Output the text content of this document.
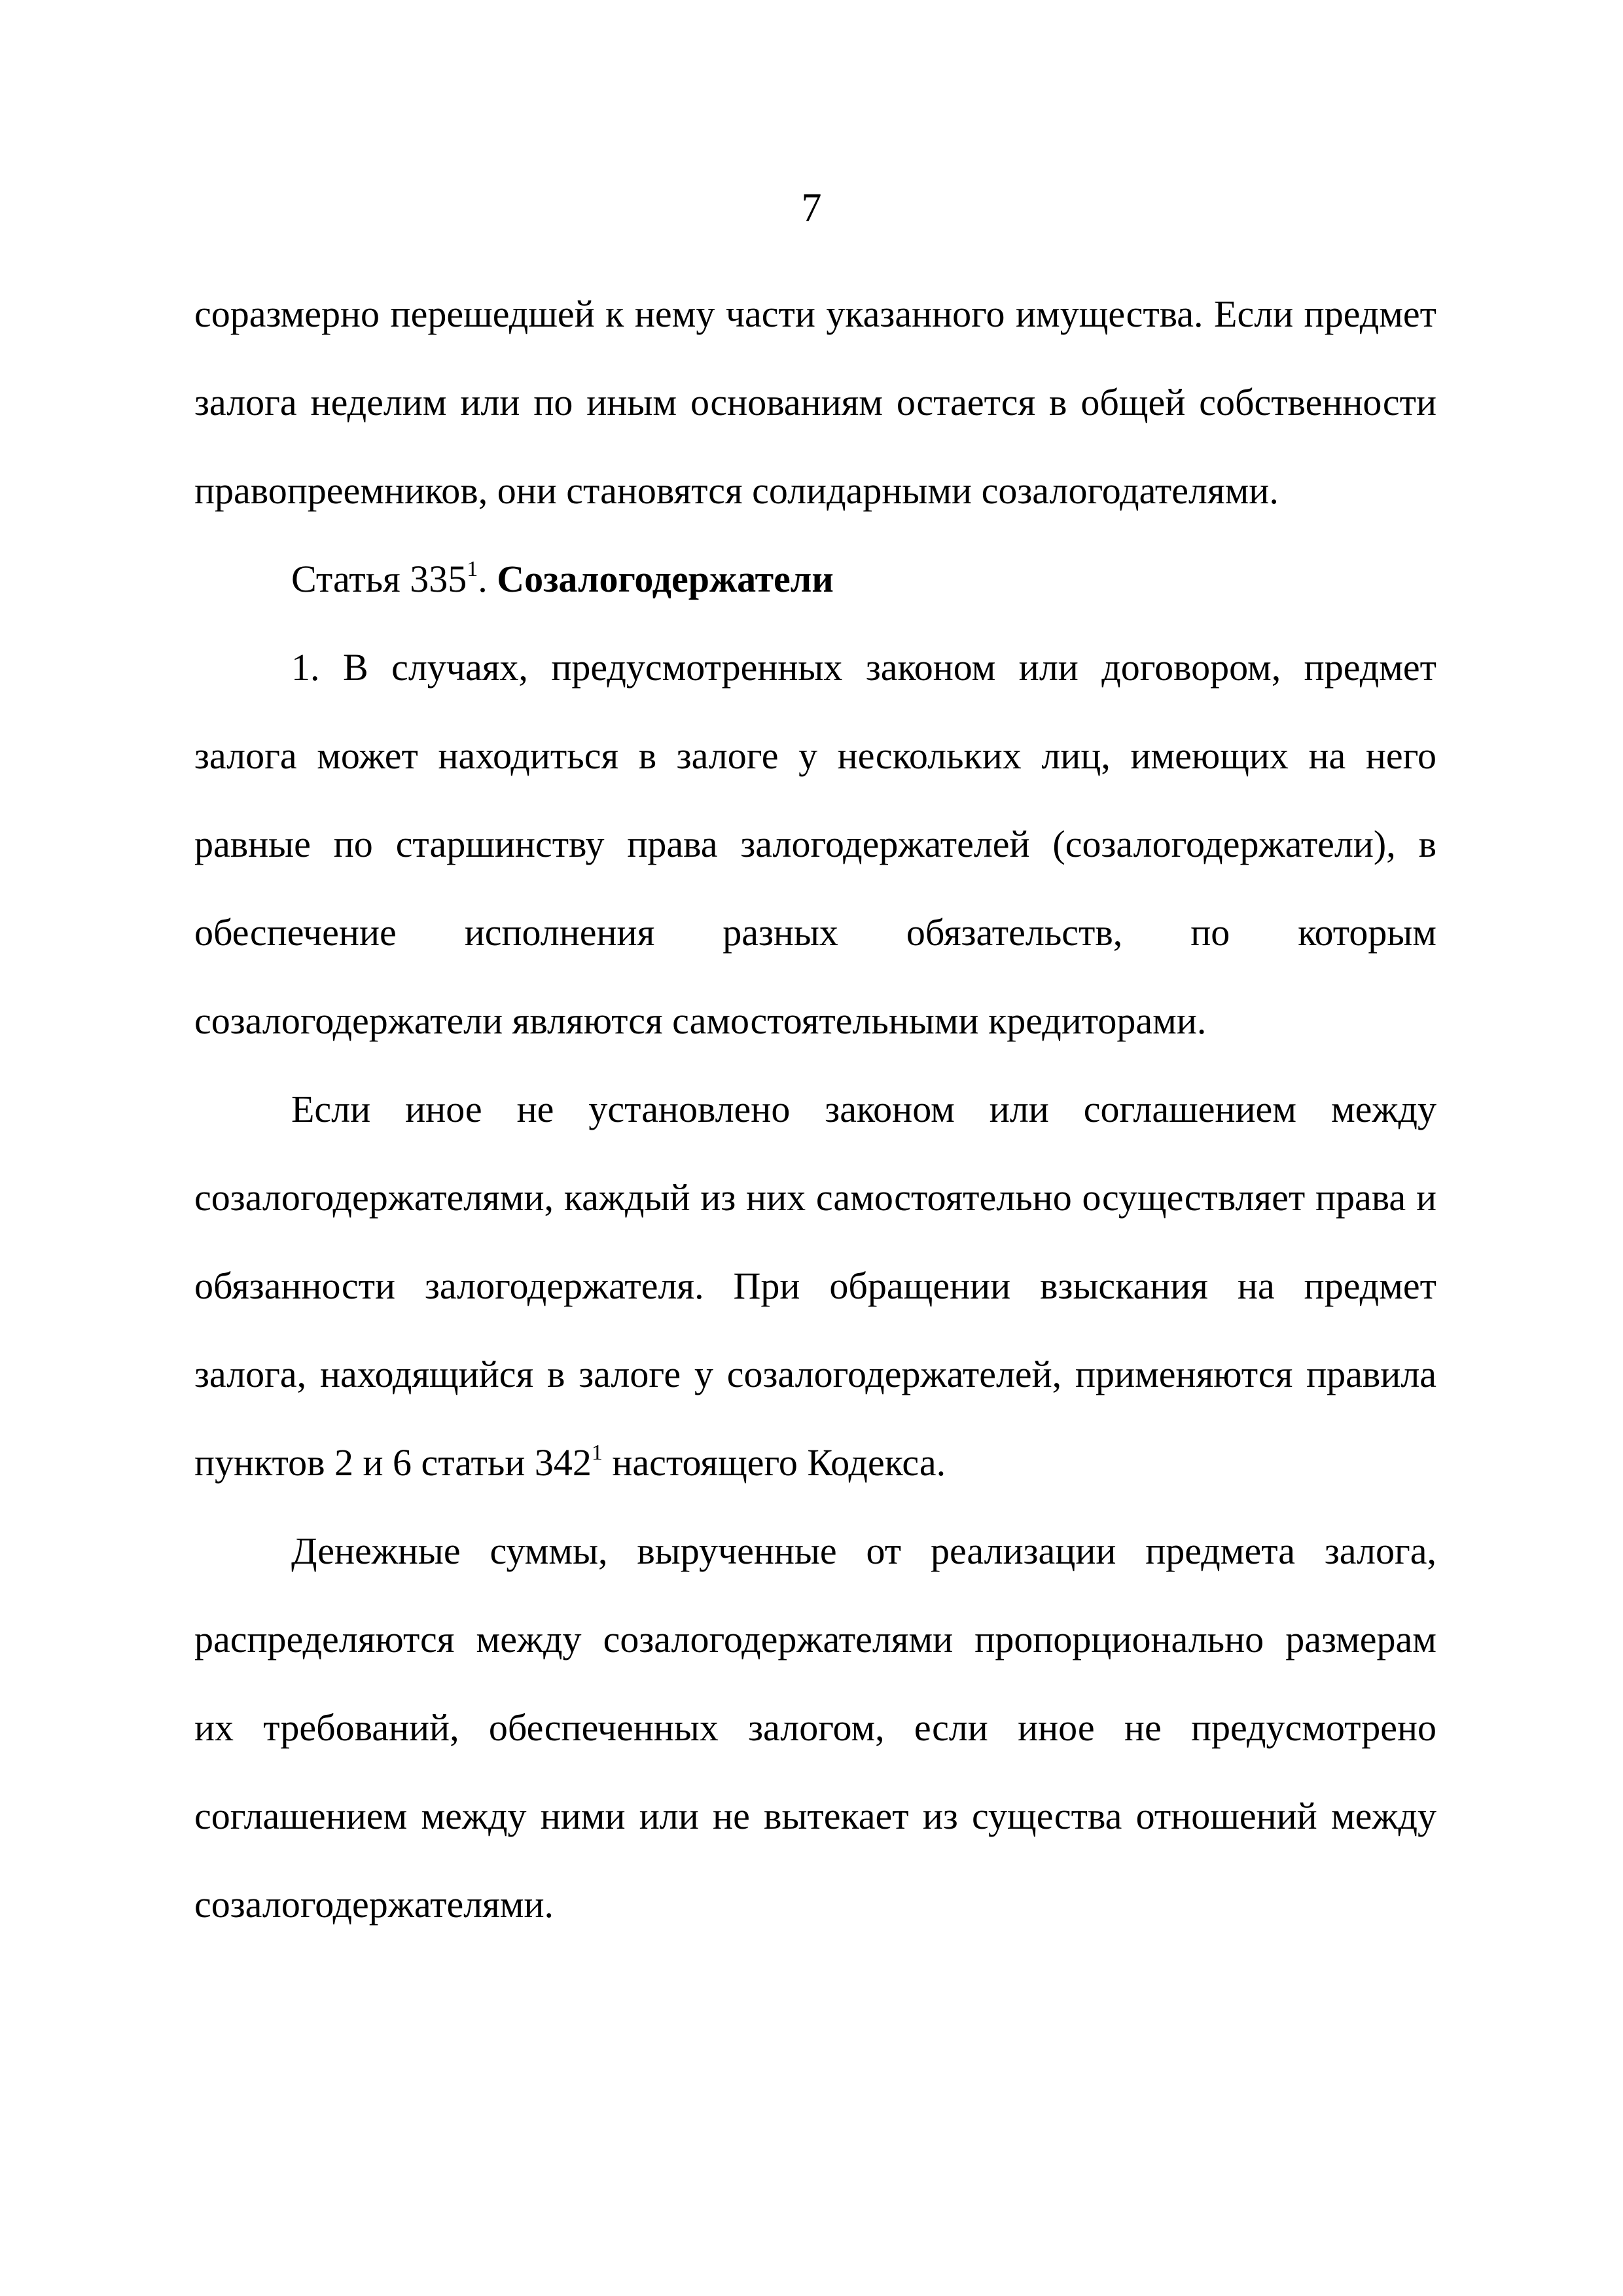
7

соразмерно перешедшей к нему части указанного имущества. Если предмет залога неделим или по иным основаниям остается в общей собственности правопреемников, они становятся солидарными созалогодателями.

Статья $335^1$. Созалогодержатели

1. В случаях, предусмотренных законом или договором, предмет залога может находиться в залоге у нескольких лиц, имеющих на него равные по старшинству права залогодержателей (созалогодержатели), в обеспечение исполнения разных обязательств, по которым созалогодержатели являются самостоятельными кредиторами.

Если иное не установлено законом или соглашением между созалогодержателями, каждый из них самостоятельно осуществляет права и обязанности залогодержателя. При обращении взыскания на предмет залога, находящийся в залоге у созалогодержателей, применяются правила пунктов 2 и 6 статьи $342^1$ настоящего Кодекса.

Денежные суммы, вырученные от реализации предмета залога, распределяются между созалогодержателями пропорционально размерам их требований, обеспеченных залогом, если иное не предусмотрено соглашением между ними или не вытекает из существа отношений между созалогодержателями.
